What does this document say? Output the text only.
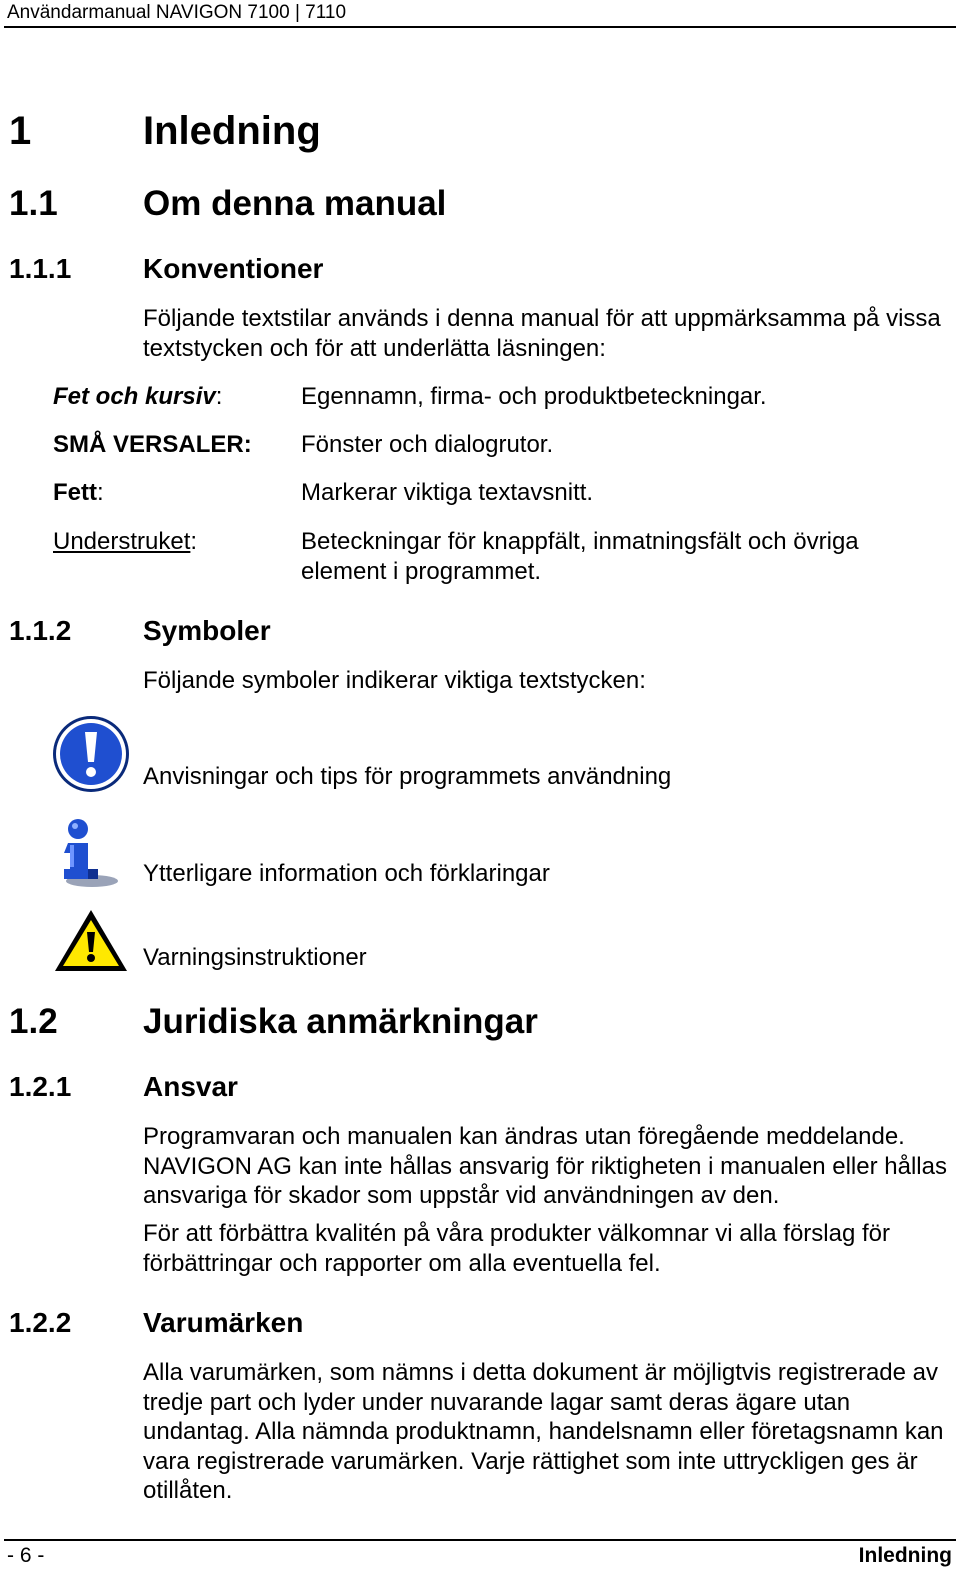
Användarmanual NAVIGON 7100 | 7110
1	Inledning
1.1 Om denna manual
1.1.1	Konventioner
Följande textstilar används i denna manual för att uppmärksamma på vissa textstycken och för att underlätta läsningen:
Fet och kursiv:	Egennamn, firma- och produktbeteckningar.
SMÅ VERSALER: Fönster och dialogrutor.
Fett:	Markerar viktiga textavsnitt.
Understruket:	Beteckningar för knappfält, inmatningsfält och övriga element i programmet.
1.1.2	Symboler
Följande symboler indikerar viktiga textstycken:
Anvisningar och tips för programmets användning
Ytterligare information och förklaringar
Varningsinstruktioner
1.2 Juridiska anmärkningar
1.2.1	Ansvar
Programvaran och manualen kan ändras utan föregående meddelande. NAVIGON AG kan inte hållas ansvarig för riktigheten i manualen eller hållas ansvariga för skador som uppstår vid användningen av den.
För att förbättra kvalitén på våra produkter välkomnar vi alla förslag för förbättringar och rapporter om alla eventuella fel.
1.2.2	Varumärken
Alla varumärken, som nämns i detta dokument är möjligtvis registrerade av tredje part och lyder under nuvarande lagar samt deras ägare utan undantag. Alla nämnda produktnamn, handelsnamn eller företagsnamn kan vara registrerade varumärken. Varje rättighet som inte uttryckligen ges är otillåten.
- 6 -	Inledning
